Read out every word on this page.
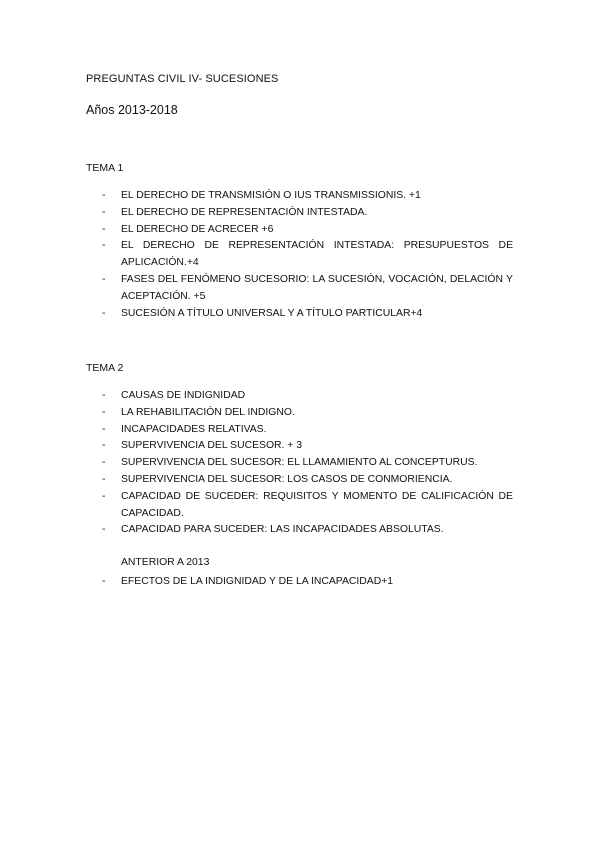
PREGUNTAS CIVIL IV- SUCESIONES
Años 2013-2018
TEMA 1
- EL DERECHO DE TRANSMISIÓN O IUS TRANSMISSIONIS. +1
- EL DERECHO DE REPRESENTACIÓN INTESTADA.
- EL DERECHO DE ACRECER +6
- EL DERECHO DE REPRESENTACIÓN INTESTADA: PRESUPUESTOS DE APLICACIÓN.+4
- FASES DEL FENÓMENO SUCESORIO: LA SUCESIÓN, VOCACIÓN, DELACIÓN Y ACEPTACIÓN. +5
- SUCESIÓN A TÍTULO UNIVERSAL Y A TÍTULO PARTICULAR+4
TEMA 2
- CAUSAS DE INDIGNIDAD
- LA REHABILITACIÓN DEL INDIGNO.
- INCAPACIDADES RELATIVAS.
- SUPERVIVENCIA DEL SUCESOR. + 3
- SUPERVIVENCIA DEL SUCESOR: EL LLAMAMIENTO AL CONCEPTURUS.
- SUPERVIVENCIA DEL SUCESOR: LOS CASOS DE CONMORIENCIA.
- CAPACIDAD DE SUCEDER: REQUISITOS Y MOMENTO DE CALIFICACIÓN DE CAPACIDAD.
- CAPACIDAD PARA SUCEDER: LAS INCAPACIDADES ABSOLUTAS.
ANTERIOR A 2013
- EFECTOS DE LA INDIGNIDAD Y DE LA INCAPACIDAD+1
